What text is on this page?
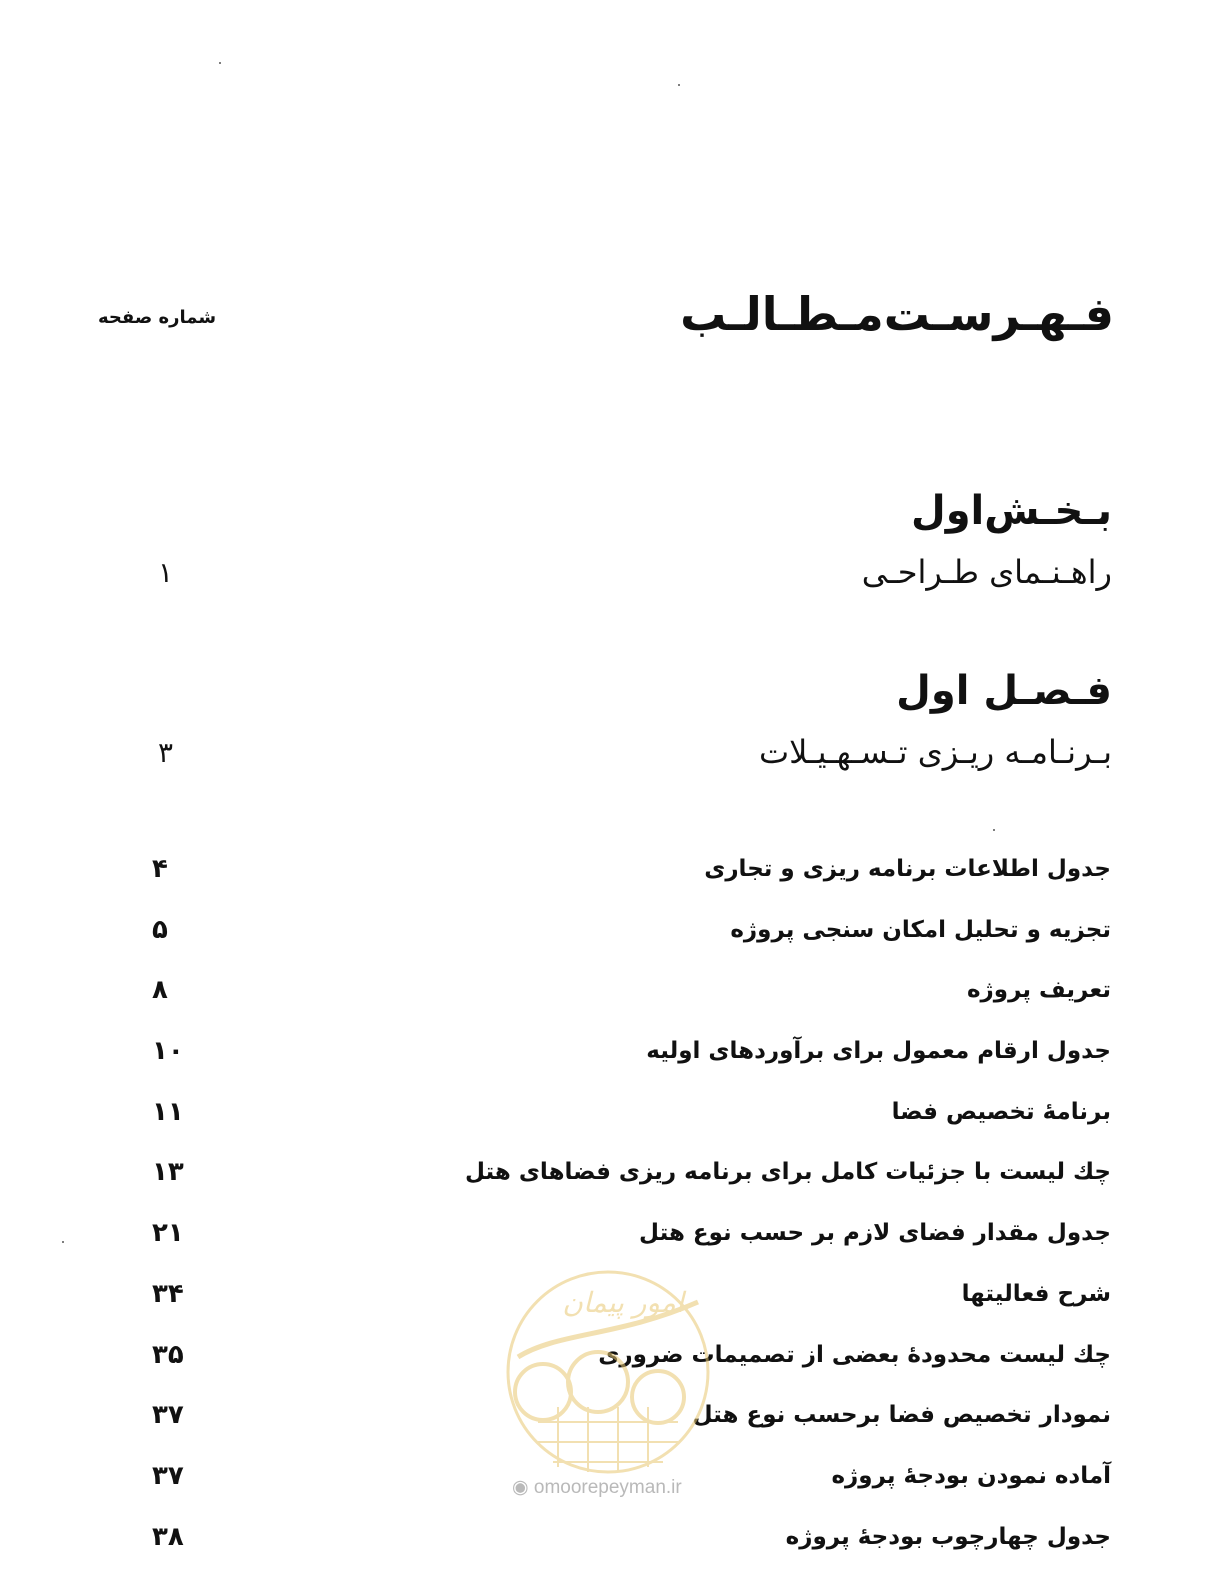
فـهـرسـت‌مـطـالـب
شماره صفحه
بـخـش‌اول
راهـنـمای طـراحـی
۱
فـصـل اول
بـرنـامـه ریـزی تـسـهـیـلات
۳
جدول اطلاعات برنامه ریزی و تجاری
۴
تجزیه و تحلیل امکان سنجی پروژه
۵
تعریف پروژه
۸
جدول ارقام معمول برای برآوردهای اولیه
۱۰
برنامهٔ تخصیص فضا
۱۱
چك لیست با جزئیات کامل برای برنامه ریزی فضاهای هتل
۱۳
جدول مقدار فضای لازم بر حسب نوع هتل
۲۱
شرح فعالیتها
۳۴
چك لیست محدودهٔ بعضی از تصمیمات ضروری
۳۵
نمودار تخصیص فضا برحسب نوع هتل
۳۷
آماده نمودن بودجهٔ پروژه
۳۷
جدول چهارچوب بودجهٔ پروژه
۳۸
امور پیمان
◉ omoorepeyman.ir
